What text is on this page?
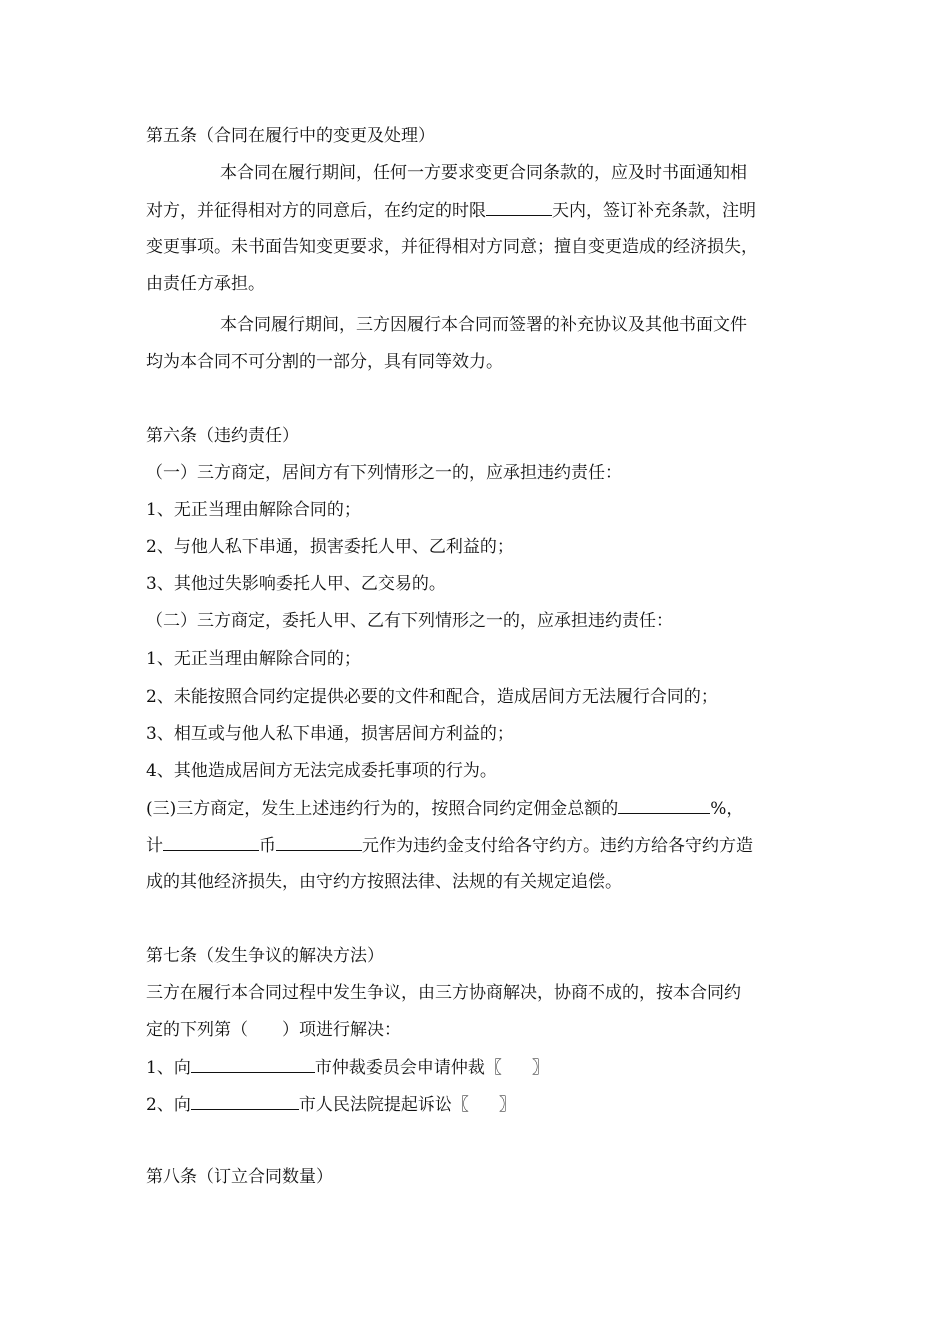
第五条（合同在履行中的变更及处理）

本合同在履行期间，任何一方要求变更合同条款的，应及时书面通知相

对方，并征得相对方的同意后，在约定的时限	天内，签订补充条款，注明

变更事项。未书面告知变更要求，并征得相对方同意；擅自变更造成的经济损失，

由责任方承担。

本合同履行期间，三方因履行本合同而签署的补充协议及其他书面文件

均为本合同不可分割的一部分，具有同等效力。

第六条（违约责任）

（一）三方商定，居间方有下列情形之一的，应承担违约责任：

1、无正当理由解除合同的；

2、与他人私下串通，损害委托人甲、乙利益的；

3、其他过失影响委托人甲、乙交易的。

（二）三方商定，委托人甲、乙有下列情形之一的，应承担违约责任：

1、无正当理由解除合同的；

2、未能按照合同约定提供必要的文件和配合，造成居间方无法履行合同的；

3、相互或与他人私下串通，损害居间方利益的；

4、其他造成居间方无法完成委托事项的行为。

(三)三方商定，发生上述违约行为的，按照合同约定佣金总额的	%，

计	币	元作为违约金支付给各守约方。违约方给各守约方造

成的其他经济损失，由守约方按照法律、法规的有关规定追偿。

第七条（发生争议的解决方法）

三方在履行本合同过程中发生争议，由三方协商解决，协商不成的，按本合同约

定的下列第（　　）项进行解决：

1、向	市仲裁委员会申请仲裁〖 〗

2、向	市人民法院提起诉讼〖 〗

第八条（订立合同数量）
